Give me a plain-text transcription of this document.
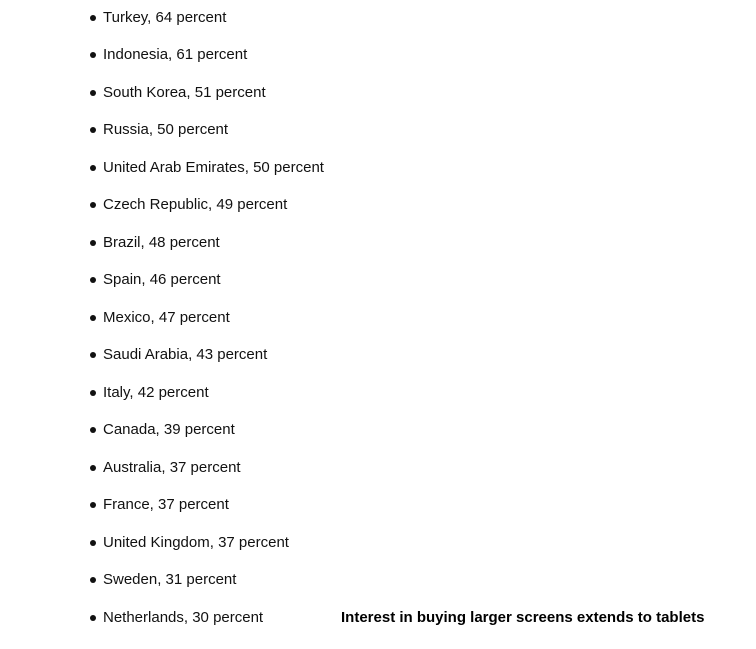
Turkey, 64 percent
Indonesia, 61 percent
South Korea, 51 percent
Russia, 50 percent
United Arab Emirates, 50 percent
Czech Republic, 49 percent
Brazil, 48 percent
Spain, 46 percent
Mexico, 47 percent
Saudi Arabia, 43 percent
Italy, 42 percent
Canada, 39 percent
Australia, 37 percent
France, 37 percent
United Kingdom, 37 percent
Sweden, 31 percent
Netherlands, 30 percent	Interest in buying larger screens extends to tablets
